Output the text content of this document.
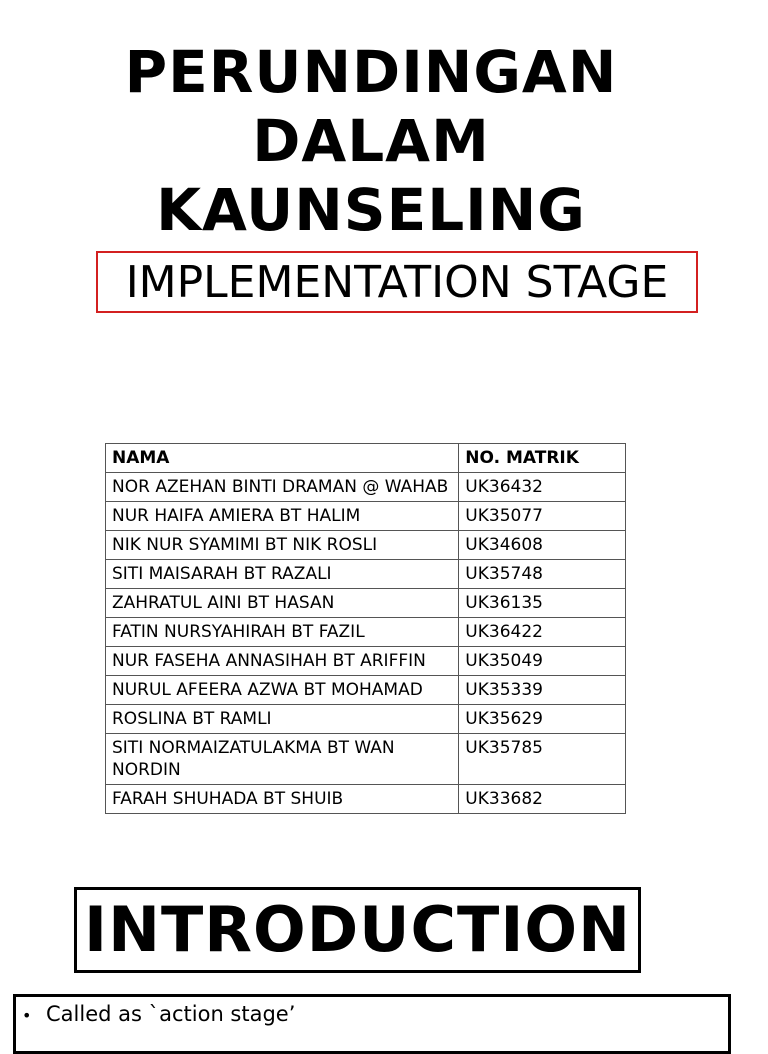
PERUNDINGAN
DALAM
KAUNSELING
IMPLEMENTATION STAGE
NAMA	NO. MATRIK
NOR AZEHAN BINTI DRAMAN @ WAHAB	UK36432
NUR HAIFA AMIERA BT HALIM	UK35077
NIK NUR SYAMIMI BT NIK ROSLI	UK34608
SITI MAISARAH BT RAZALI	UK35748
ZAHRATUL AINI BT HASAN	UK36135
FATIN NURSYAHIRAH BT FAZIL	UK36422
NUR FASEHA ANNASIHAH BT ARIFFIN	UK35049
NURUL AFEERA AZWA BT MOHAMAD	UK35339
ROSLINA BT RAMLI	UK35629
SITI NORMAIZATULAKMA BT WAN NORDIN	UK35785
FARAH SHUHADA BT SHUIB	UK33682
INTRODUCTION
• Called as `action stage’
